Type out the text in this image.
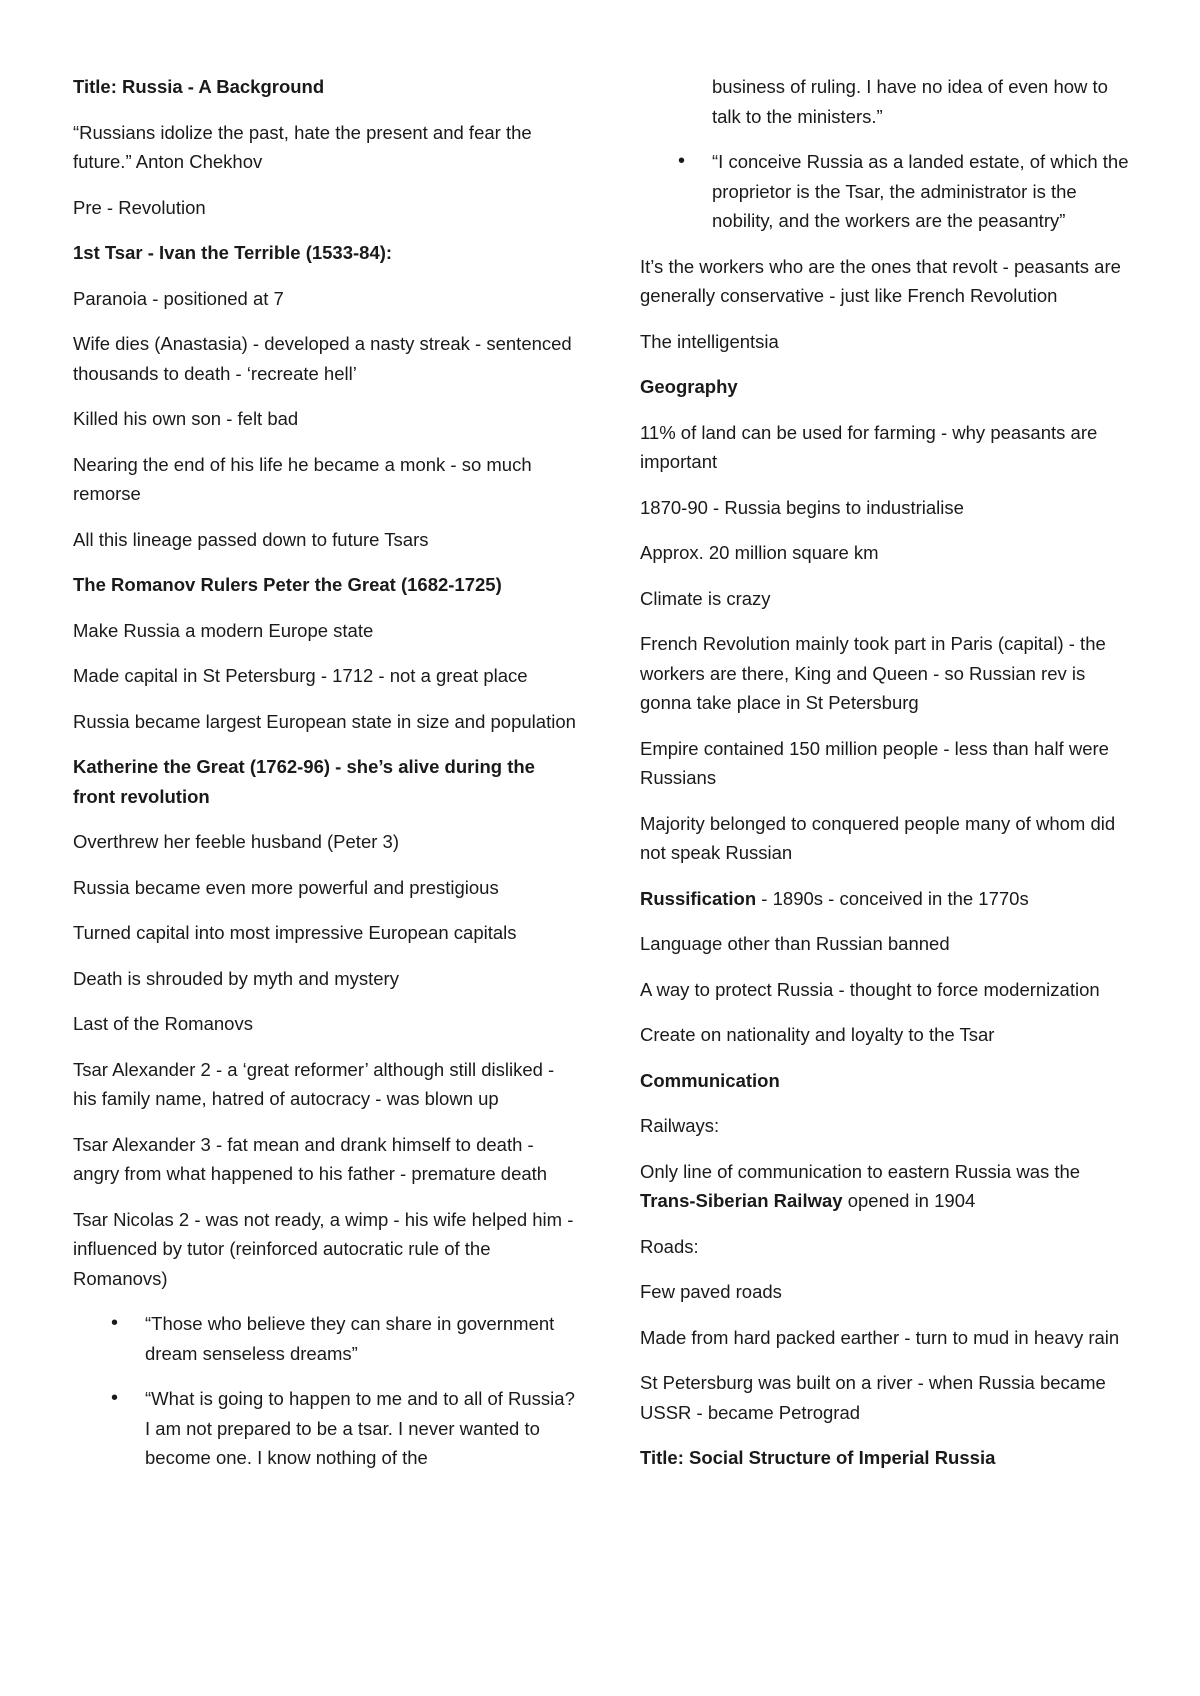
Title: Russia - A Background

“Russians idolize the past, hate the present and fear the future.” Anton Chekhov

Pre - Revolution

1st Tsar - Ivan the Terrible (1533-84):

Paranoia - positioned at 7

Wife dies (Anastasia) - developed a nasty streak - sentenced thousands to death - ‘recreate hell’

Killed his own son - felt bad

Nearing the end of his life he became a monk - so much remorse

All this lineage passed down to future Tsars

The Romanov Rulers Peter the Great (1682-1725)

Make Russia a modern Europe state

Made capital in St Petersburg - 1712 - not a great place

Russia became largest European state in size and population

Katherine the Great (1762-96) - she’s alive during the front revolution

Overthrew her feeble husband (Peter 3)

Russia became even more powerful and prestigious

Turned capital into most impressive European capitals

Death is shrouded by myth and mystery

Last of the Romanovs

Tsar Alexander 2 - a ‘great reformer’ although still disliked - his family name, hatred of autocracy - was blown up

Tsar Alexander 3 - fat mean and drank himself to death - angry from what happened to his father - premature death

Tsar Nicolas 2 - was not ready, a wimp - his wife helped him - influenced by tutor (reinforced autocratic rule of the Romanovs)

• “Those who believe they can share in government dream senseless dreams”
• “What is going to happen to me and to all of Russia? I am not prepared to be a tsar. I never wanted to become one. I know nothing of the

business of ruling. I have no idea of even how to talk to the ministers.”

• “I conceive Russia as a landed estate, of which the proprietor is the Tsar, the administrator is the nobility, and the workers are the peasantry”

It’s the workers who are the ones that revolt - peasants are generally conservative - just like French Revolution

The intelligentsia

Geography

11% of land can be used for farming - why peasants are important

1870-90 - Russia begins to industrialise

Approx. 20 million square km

Climate is crazy

French Revolution mainly took part in Paris (capital) - the workers are there, King and Queen - so Russian rev is gonna take place in St Petersburg

Empire contained 150 million people - less than half were Russians

Majority belonged to conquered people many of whom did not speak Russian

Russification - 1890s - conceived in the 1770s

Language other than Russian banned

A way to protect Russia - thought to force modernization

Create on nationality and loyalty to the Tsar

Communication

Railways:

Only line of communication to eastern Russia was the Trans-Siberian Railway opened in 1904

Roads:

Few paved roads

Made from hard packed earther - turn to mud in heavy rain

St Petersburg was built on a river - when Russia became USSR - became Petrograd

Title: Social Structure of Imperial Russia
